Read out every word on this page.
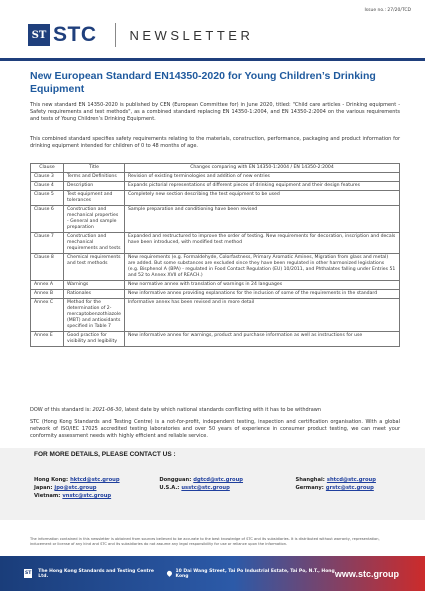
Issue no.: 27/20/TCD
ST STC	NEWSLETTER
New European Standard EN14350-2020 for Young Children’s Drinking Equipment

This new standard EN 14350-2020 is published by CEN (European Committee for) in June 2020, titled: "Child care articles - Drinking equipment - Safety requirements and test methods", as a combined standard replacing EN 14350-1:2004, and EN 14350-2:2004 on the various requirements and tests of Young Children’s Drinking Equipment.

This combined standard specifies safety requirements relating to the materials, construction, performance, packaging and product information for drinking equipment intended for children of 0 to 48 months of age.

Clause	Title	Changes comparing with EN 14350-1:2004 / EN 14350-2:2004
Clause 3	Terms and Definitions	Revision of existing terminologies and addition of new entries
Clause 4	Description	Expands pictorial representations of different pieces of drinking equipment and their design features
Clause 5	Test equipment and tolerances	Completely new section describing the test equipment to be used
Clause 6	Construction and mechanical properties - General and sample preparation	Sample preparation and conditioning have been revised
Clause 7	Construction and mechanical requirements and tests	Expanded and restructured to improve the order of testing. New requirements for decoration, inscription and decals have been introduced, with modified test method
Clause 8	Chemical requirements and test methods	New requirements (e.g. Formaldehyde, Colorfastness, Primary Aromatic Amines, Migration from glass and metal) are added. But some substances are excluded since they have been regulated in other harmonized legislations (e.g. Bisphenol A (BPA) - regulated in Food Contact Regulation (EU) 10/2011, and Phthalates falling under Entries 51 and 52 to Annex XVII of REACH.)
Annex A	Warnings	New normative annex with translation of warnings in 24 languages
Annex B	Rationales	New informative annex providing explanations for the inclusion of some of the requirements in the standard
Annex C	Method for the determination of 2-mercaptobenzothiazole (MBT) and antioxidants specified in Table 7	Informative annex has been revised and in more detail
Annex E	Good practice for visibility and legibility	New informative annex for warnings, product and purchase information as well as instructions for use

DOW of this standard is: 2021-06-30, latest date by which national standards conflicting with it has to be withdrawn

STC (Hong Kong Standards and Testing Centre) is a not-for-profit, independent testing, inspection and certification organisation. With a global network of ISO/IEC 17025 accredited testing laboratories and over 50 years of experience in consumer product testing, we can meet your conformity assessment needs with highly efficient and reliable service.

FOR MORE DETAILS, PLEASE CONTACT US :
Hong Kong: hktcd@stc.group	Dongguan: dgtcd@stc.group	Shanghai: shtcd@stc.group
Japan: jpo@stc.group	U.S.A.: usstc@stc.group	Germany: grstc@stc.group
Vietnam: vnstc@stc.group

The information contained in this newsletter is obtained from sources believed to be accurate to the best knowledge of STC and its subsidiaries. It is distributed without warranty, representation, inducement or license of any kind and STC and its subsidiaries do not assume any legal responsibility for use or reliance upon the information.

ST The Hong Kong Standards and Testing Centre Ltd.
10 Dai Wang Street, Tai Po Industrial Estate, Tai Po, N.T., Hong Kong	www.stc.group
